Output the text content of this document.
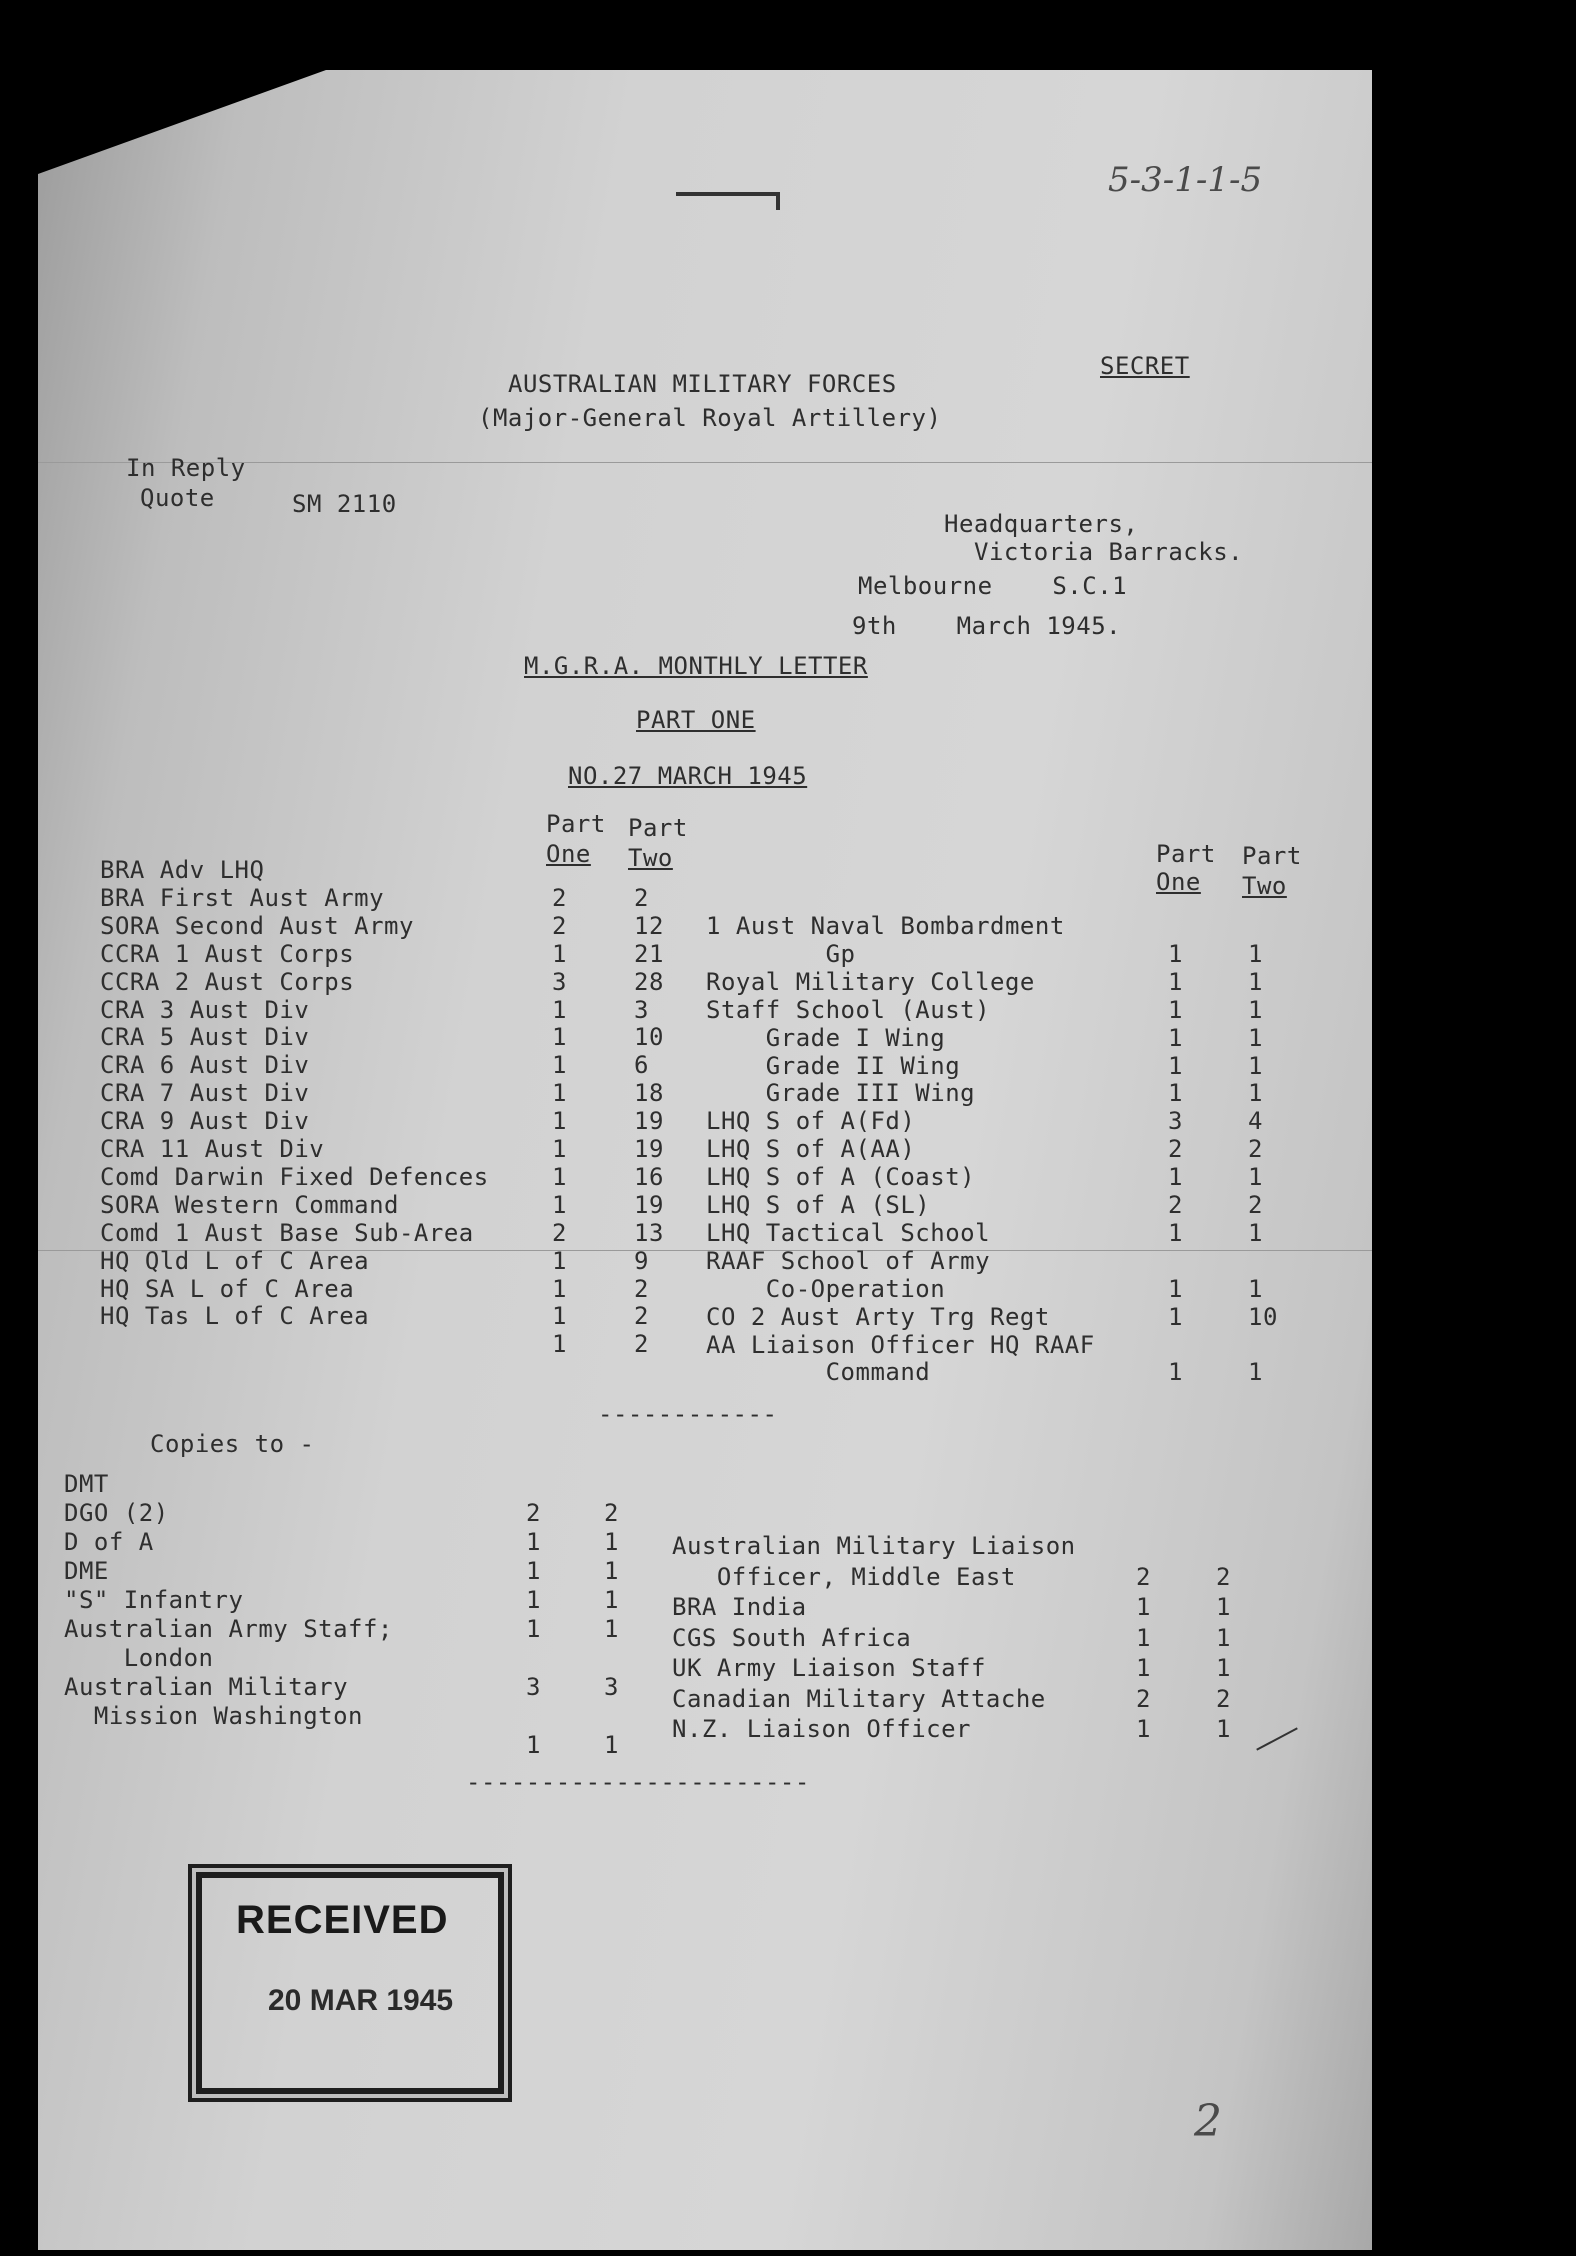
5-3-1-1-5
SECRET
AUSTRALIAN MILITARY FORCES
(Major-General Royal Artillery)
In Reply
Quote	SM 2110
Headquarters,
Victoria Barracks.
Melbourne    S.C.1
9th    March 1945.
M.G.R.A. MONTHLY LETTER
PART ONE
NO.27 MARCH 1945
Part Part
One Two	Part Part
One Two
BRA Adv LHQ
BRA First Aust Army	2	2
SORA Second Aust Army	2	12
CCRA 1 Aust Corps	1	21
CCRA 2 Aust Corps	3	28
CRA 3 Aust Div	1	3
CRA 5 Aust Div	1	10
CRA 6 Aust Div	1	6
CRA 7 Aust Div	1	18
CRA 9 Aust Div	1	19
CRA 11 Aust Div	1	19
Comd Darwin Fixed Defences	1	16
SORA Western Command	1	19
Comd 1 Aust Base Sub-Area	2	13
HQ Qld L of C Area	1	9
HQ SA L of C Area	1	2
HQ Tas L of C Area	1	2
1	2
1 Aust Naval Bombardment
Gp	1	1
Royal Military College	1	1
Staff School (Aust)	1	1
Grade I Wing	1	1
Grade II Wing	1	1
Grade III Wing	1	1
LHQ S of A(Fd)	3	4
LHQ S of A(AA)	2	2
LHQ S of A (Coast)	1	1
LHQ S of A (SL)	2	2
LHQ Tactical School	1	1
RAAF School of Army
Co-Operation	1	1
CO 2 Aust Arty Trg Regt	1	10
AA Liaison Officer HQ RAAF
Command	1	1
------------
Copies to -
DMT
DGO (2)	2	2
D of A	1	1
DME	1	1
"S" Infantry	1	1
Australian Army Staff;	1	1
London
Australian Military	3	3
Mission Washington
1	1
Australian Military Liaison
Officer, Middle East	2	2
BRA India	1	1
CGS South Africa	1	1
UK Army Liaison Staff	1	1
Canadian Military Attache	2	2
N.Z. Liaison Officer	1	1
-----------------------
RECEIVED
20 MAR 1945
2
